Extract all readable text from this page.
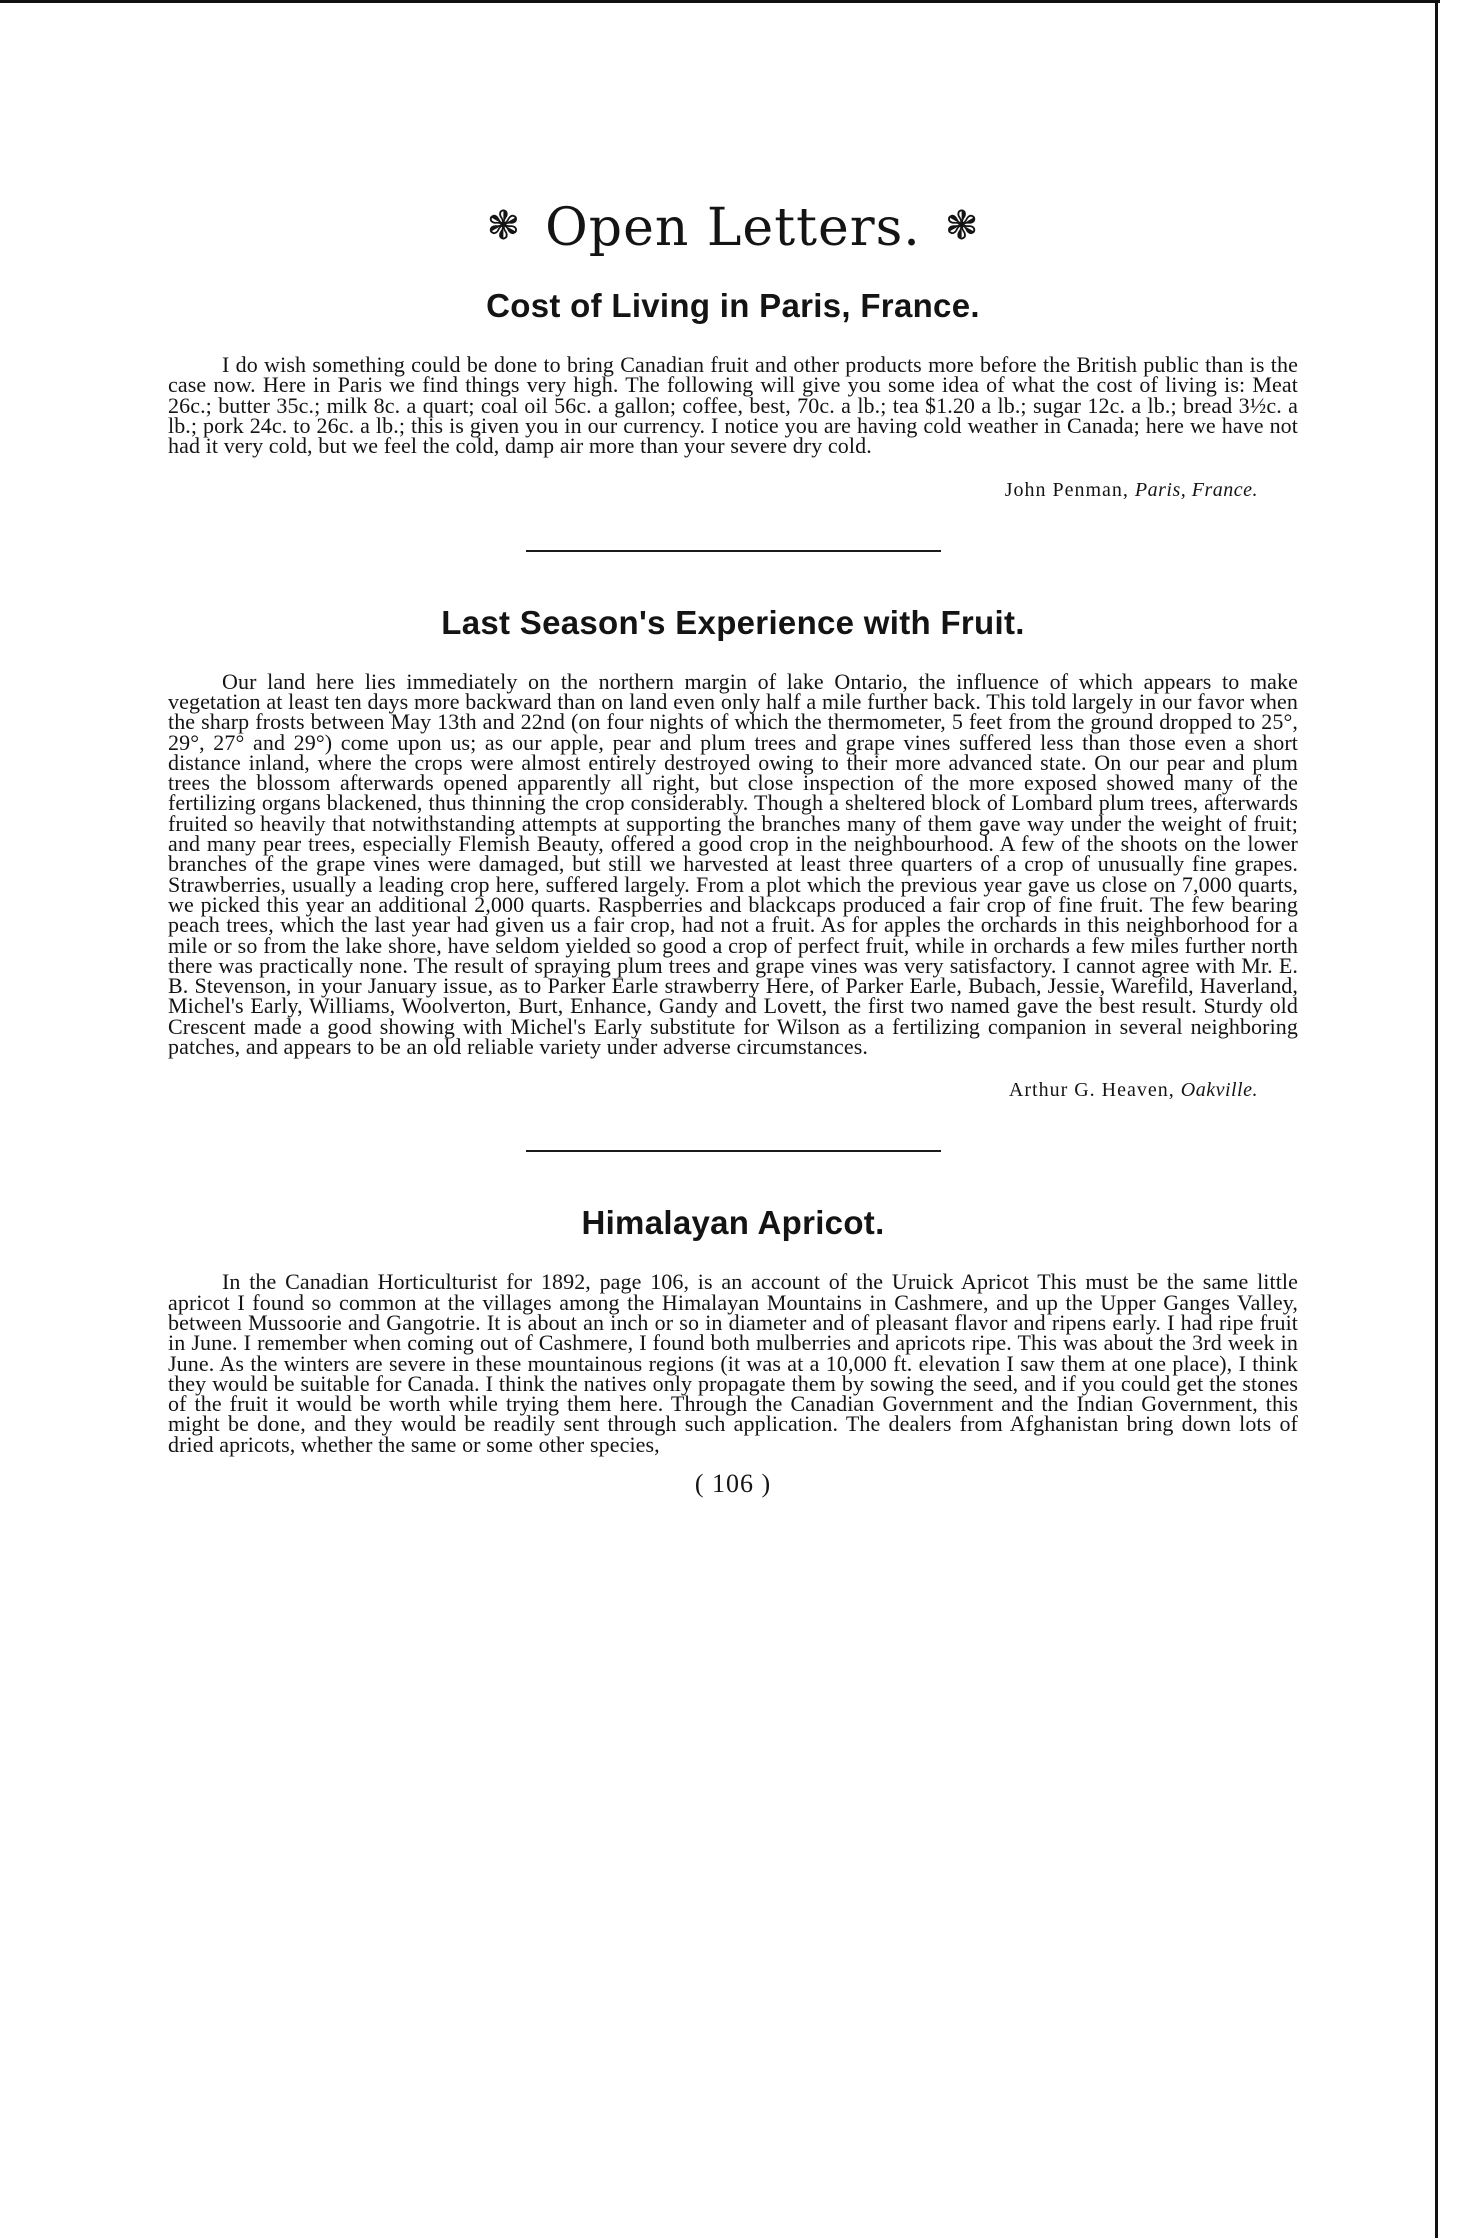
❃ Open Letters. ❃
Cost of Living in Paris, France.

I do wish something could be done to bring Canadian fruit and other products more before the British public than is the case now. Here in Paris we find things very high. The following will give you some idea of what the cost of living is: Meat 26c.; butter 35c.; milk 8c. a quart; coal oil 56c. a gallon; coffee, best, 70c. a lb.; tea $1.20 a lb.; sugar 12c. a lb.; bread 3½c. a lb.; pork 24c. to 26c. a lb.; this is given you in our currency. I notice you are having cold weather in Canada; here we have not had it very cold, but we feel the cold, damp air more than your severe dry cold.

John Penman, Paris, France.
Last Season's Experience with Fruit.

Our land here lies immediately on the northern margin of lake Ontario, the influence of which appears to make vegetation at least ten days more backward than on land even only half a mile further back. This told largely in our favor when the sharp frosts between May 13th and 22nd (on four nights of which the thermometer, 5 feet from the ground dropped to 25°, 29°, 27° and 29°) come upon us; as our apple, pear and plum trees and grape vines suffered less than those even a short distance inland, where the crops were almost entirely destroyed owing to their more advanced state. On our pear and plum trees the blossom afterwards opened apparently all right, but close inspection of the more exposed showed many of the fertilizing organs blackened, thus thinning the crop considerably. Though a sheltered block of Lombard plum trees, afterwards fruited so heavily that notwithstanding attempts at supporting the branches many of them gave way under the weight of fruit; and many pear trees, especially Flemish Beauty, offered a good crop in the neighbourhood. A few of the shoots on the lower branches of the grape vines were damaged, but still we harvested at least three quarters of a crop of unusually fine grapes. Strawberries, usually a leading crop here, suffered largely. From a plot which the previous year gave us close on 7,000 quarts, we picked this year an additional 2,000 quarts. Raspberries and blackcaps produced a fair crop of fine fruit. The few bearing peach trees, which the last year had given us a fair crop, had not a fruit. As for apples the orchards in this neighborhood for a mile or so from the lake shore, have seldom yielded so good a crop of perfect fruit, while in orchards a few miles further north there was practically none. The result of spraying plum trees and grape vines was very satisfactory. I cannot agree with Mr. E. B. Stevenson, in your January issue, as to Parker Earle strawberry Here, of Parker Earle, Bubach, Jessie, Warefild, Haverland, Michel's Early, Williams, Woolverton, Burt, Enhance, Gandy and Lovett, the first two named gave the best result. Sturdy old Crescent made a good showing with Michel's Early substitute for Wilson as a fertilizing companion in several neighboring patches, and appears to be an old reliable variety under adverse circumstances.

Arthur G. Heaven, Oakville.
Himalayan Apricot.

In the Canadian Horticulturist for 1892, page 106, is an account of the Uruick Apricot This must be the same little apricot I found so common at the villages among the Himalayan Mountains in Cashmere, and up the Upper Ganges Valley, between Mussoorie and Gangotrie. It is about an inch or so in diameter and of pleasant flavor and ripens early. I had ripe fruit in June. I remember when coming out of Cashmere, I found both mulberries and apricots ripe. This was about the 3rd week in June. As the winters are severe in these mountainous regions (it was at a 10,000 ft. elevation I saw them at one place), I think they would be suitable for Canada. I think the natives only propagate them by sowing the seed, and if you could get the stones of the fruit it would be worth while trying them here. Through the Canadian Government and the Indian Government, this might be done, and they would be readily sent through such application. The dealers from Afghanistan bring down lots of dried apricots, whether the same or some other species,

( 106 )
